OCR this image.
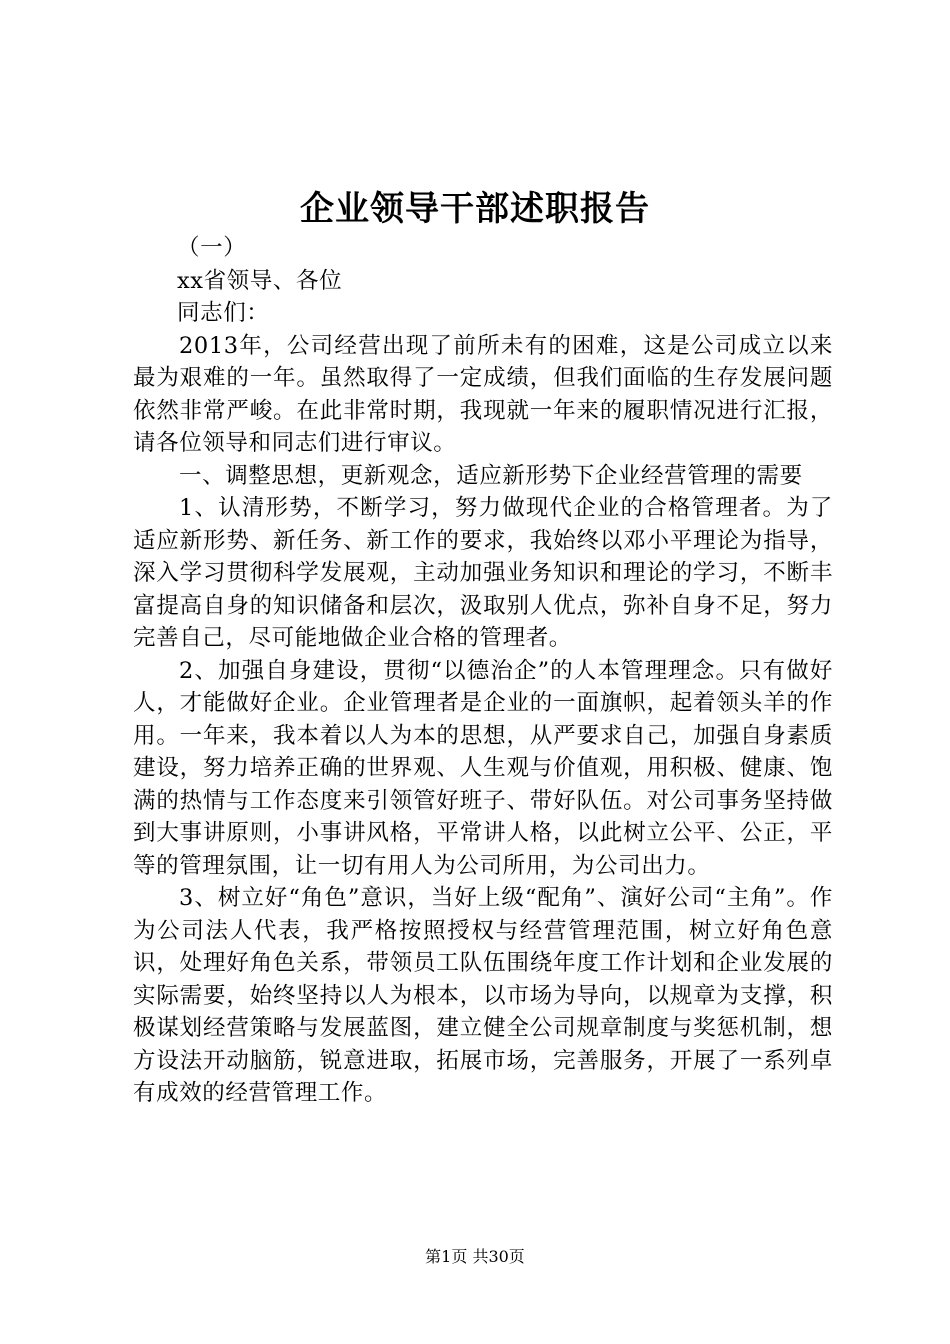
企业领导干部述职报告

（一）

xx省领导、各位

同志们：

2013年，公司经营出现了前所未有的困难，这是公司成立以来最为艰难的一年。虽然取得了一定成绩，但我们面临的生存发展问题依然非常严峻。在此非常时期，我现就一年来的履职情况进行汇报，请各位领导和同志们进行审议。

一、调整思想，更新观念，适应新形势下企业经营管理的需要

1、认清形势，不断学习，努力做现代企业的合格管理者。为了适应新形势、新任务、新工作的要求，我始终以邓小平理论为指导，深入学习贯彻科学发展观，主动加强业务知识和理论的学习，不断丰富提高自身的知识储备和层次，汲取别人优点，弥补自身不足，努力完善自己，尽可能地做企业合格的管理者。

2、加强自身建设，贯彻“以德治企”的人本管理理念。只有做好人，才能做好企业。企业管理者是企业的一面旗帜，起着领头羊的作用。一年来，我本着以人为本的思想，从严要求自己，加强自身素质建设，努力培养正确的世界观、人生观与价值观，用积极、健康、饱满的热情与工作态度来引领管好班子、带好队伍。对公司事务坚持做到大事讲原则，小事讲风格，平常讲人格，以此树立公平、公正，平等的管理氛围，让一切有用人为公司所用，为公司出力。

3、树立好“角色”意识，当好上级“配角”、演好公司“主角”。作为公司法人代表，我严格按照授权与经营管理范围，树立好角色意识，处理好角色关系，带领员工队伍围绕年度工作计划和企业发展的实际需要，始终坚持以人为根本，以市场为导向，以规章为支撑，积极谋划经营策略与发展蓝图，建立健全公司规章制度与奖惩机制，想方设法开动脑筋，锐意进取，拓展市场，完善服务，开展了一系列卓有成效的经营管理工作。

第1页 共30页
